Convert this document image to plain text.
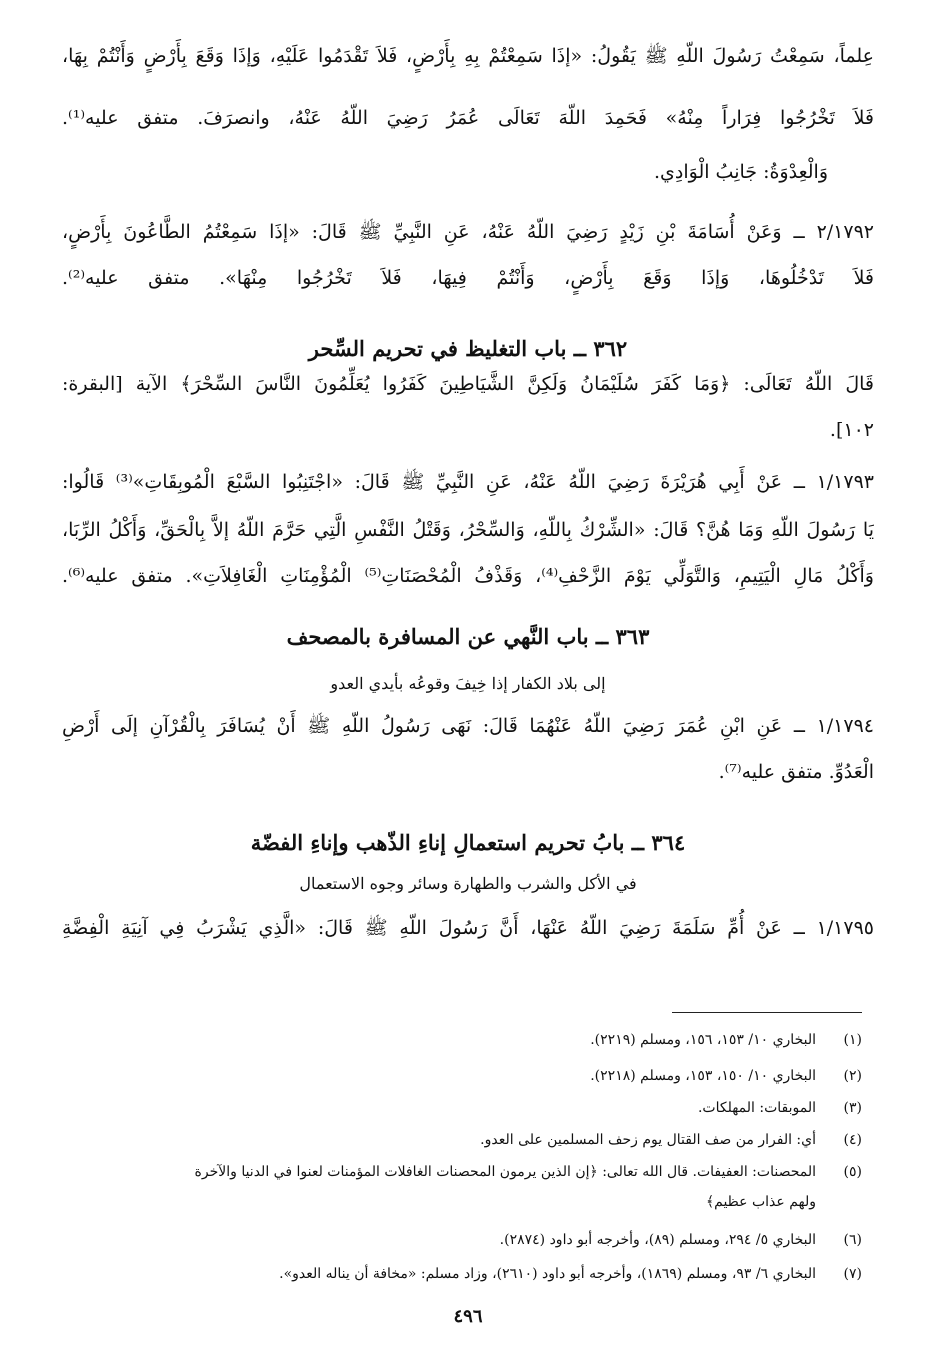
عِلماً، سَمِعْتُ رَسُولَ اللّهِ ﷺ يَقُولُ: «إذَا سَمِعْتُمْ بِهِ بِأَرْضٍ، فَلاَ تَقْدَمُوا عَلَيْهِ، وَإذَا وَقَعَ بِأَرْضٍ وَأَنْتُمْ بِهَا،
فَلاَ تَخْرُجُوا فِرَاراً مِنْهُ» فَحَمِدَ اللّهَ تَعَالَى عُمَرُ رَضِيَ اللّهُ عَنْهُ، وانصرَفَ. متفق عليه⁽¹⁾.
وَالْعِدْوَةُ: جَانِبُ الْوَادِي.
٢/١٧٩٢ ــ وَعَنْ أُسَامَةَ بْنِ زَيْدٍ رَضِيَ اللّهُ عَنْهُ، عَنِ النَّبِيِّ ﷺ قَالَ: «إذَا سَمِعْتُمُ الطَّاعُونَ بِأَرْضٍ،
فَلاَ تَدْخُلُوهَا، وَإذَا وَقَعَ بِأَرْضٍ، وَأَنْتُمْ فِيهَا، فَلاَ تَخْرُجُوا مِنْهَا». متفق عليه⁽²⁾.
٣٦٢ ــ باب التغليظ في تحريم السِّحر
قَالَ اللّهُ تَعَالَى: ﴿وَمَا كَفَرَ سُلَيْمَانُ وَلَكِنَّ الشَّيَاطِينَ كَفَرُوا يُعَلِّمُونَ النَّاسَ السِّحْرَ﴾ الآية [البقرة:
١٠٢].
١/١٧٩٣ ــ عَنْ أَبِي هُرَيْرَةَ رَضِيَ اللّهُ عَنْهُ، عَنِ النَّبِيِّ ﷺ قَالَ: «اجْتَنِبُوا السَّبْعَ الْمُوبِقَاتِ»⁽³⁾ قَالُوا:
يَا رَسُولَ اللّهِ وَمَا هُنَّ؟ قَالَ: «الشِّرْكُ بِاللّهِ، وَالسِّحْرُ، وَقَتْلُ النَّفْسِ الَّتِي حَرَّمَ اللّهُ إلاَّ بِالْحَقِّ، وَأَكْلُ الرِّبَا،
وَأَكْلُ مَالِ الْيَتِيمِ، وَالتَّوَلِّي يَوْمَ الزَّحْفِ⁽⁴⁾، وَقَذْفُ الْمُحْصَنَاتِ⁽⁵⁾ الْمُؤْمِنَاتِ الْغَافِلاَتِ». متفق عليه⁽⁶⁾.
٣٦٣ ــ باب النَّهي عن المسافرة بالمصحف
إلى بلاد الكفار إذا خِيفَ وقوعُه بأيدي العدو
١/١٧٩٤ ــ عَنِ ابْنِ عُمَرَ رَضِيَ اللّهُ عَنْهُمَا قَالَ: نَهَى رَسُولُ اللّهِ ﷺ أَنْ يُسَافَرَ بِالْقُرْآنِ إلَى أَرْضِ
الْعَدُوِّ. متفق عليه⁽⁷⁾.
٣٦٤ ــ بابُ تحريم استعمالِ إناءِ الذّهب وإناءِ الفضّة
في الأكل والشرب والطهارة وسائر وجوه الاستعمال
١/١٧٩٥ ــ عَنْ أُمِّ سَلَمَةَ رَضِيَ اللّهُ عَنْهَا، أَنَّ رَسُولَ اللّهِ ﷺ قَالَ: «الَّذِي يَشْرَبُ فِي آنِيَةِ الْفِضَّةِ
(١)
البخاري ١٠/ ١٥٣، ١٥٦، ومسلم (٢٢١٩).
(٢)
البخاري ١٠/ ١٥٠، ١٥٣، ومسلم (٢٢١٨).
(٣)
الموبقات: المهلكات.
(٤)
أي: الفرار من صف القتال يوم زحف المسلمين على العدو.
(٥)
المحصنات: العفيفات. قال الله تعالى: ﴿إن الذين يرمون المحصنات الغافلات المؤمنات لعنوا في الدنيا والآخرة
ولهم عذاب عظيم﴾
(٦)
البخاري ٥/ ٢٩٤، ومسلم (٨٩)، وأخرجه أبو داود (٢٨٧٤).
(٧)
البخاري ٦/ ٩٣، ومسلم (١٨٦٩)، وأخرجه أبو داود (٢٦١٠)، وزاد مسلم: «مخافة أن يناله العدو».
٤٩٦
